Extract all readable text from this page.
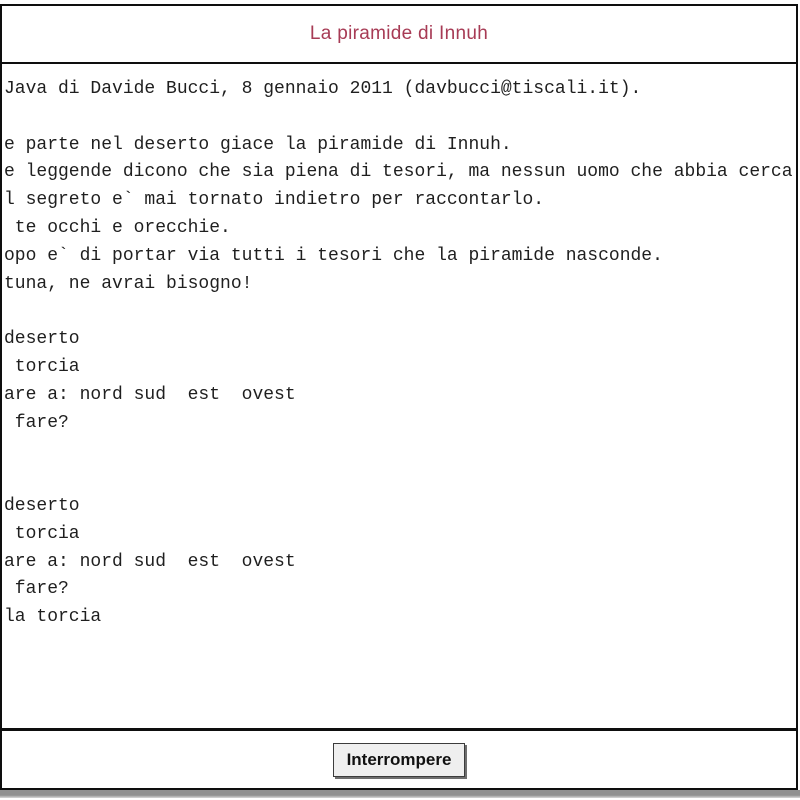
La piramide di Innuh
Java di Davide Bucci, 8 gennaio 2011 (davbucci@tiscali.it).
e parte nel deserto giace la piramide di Innuh.
e leggende dicono che sia piena di tesori, ma nessun uomo che abbia cerca
l segreto e` mai tornato indietro per raccontarlo.
te occhi e orecchie.
opo e` di portar via tutti i tesori che la piramide nasconde.
tuna, ne avrai bisogno!
deserto
torcia
are a: nord sud  est  ovest
fare?
deserto
torcia
are a: nord sud  est  ovest
fare?
la torcia
Interrompere
